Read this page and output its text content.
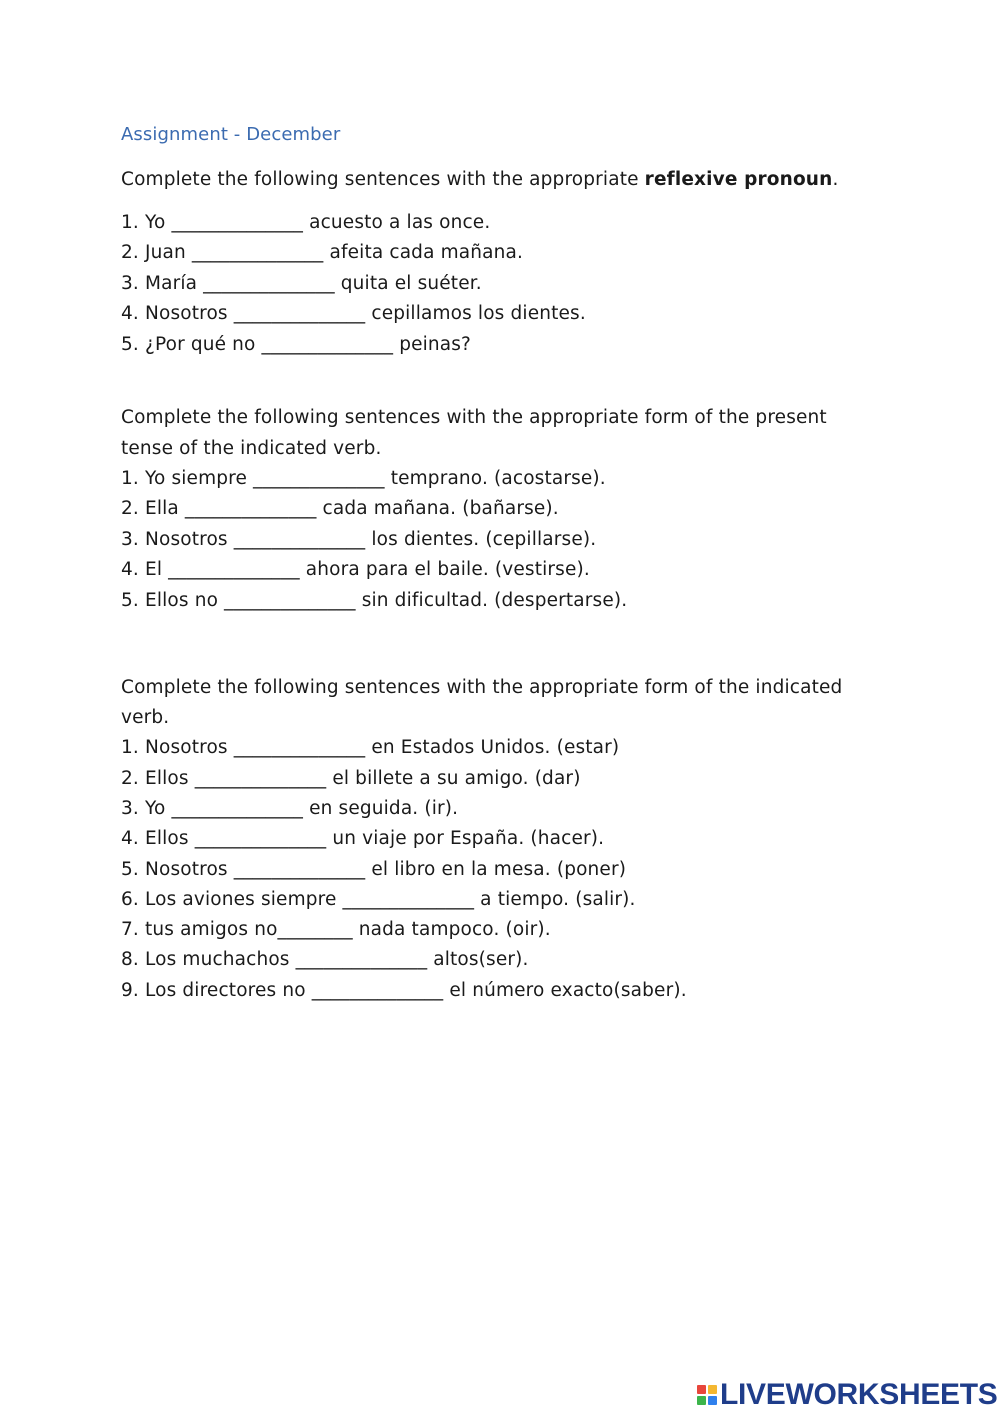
Assignment - December
Complete the following sentences with the appropriate reflexive pronoun.
1. Yo ______________ acuesto a las once.
2. Juan ______________ afeita cada mañana.
3. María ______________ quita el suéter.
4. Nosotros ______________ cepillamos los dientes.
5. ¿Por qué no ______________ peinas?
Complete the following sentences with the appropriate form of the present
tense of the indicated verb.
1. Yo siempre ______________ temprano. (acostarse).
2. Ella ______________ cada mañana. (bañarse).
3. Nosotros ______________ los dientes. (cepillarse).
4. El ______________ ahora para el baile. (vestirse).
5. Ellos no ______________ sin dificultad. (despertarse).
Complete the following sentences with the appropriate form of the indicated
verb.
1. Nosotros ______________ en Estados Unidos. (estar)
2. Ellos ______________ el billete a su amigo. (dar)
3. Yo ______________ en seguida. (ir).
4. Ellos ______________ un viaje por España. (hacer).
5. Nosotros ______________ el libro en la mesa. (poner)
6. Los aviones siempre ______________ a tiempo. (salir).
7. tus amigos no________ nada tampoco. (oir).
8. Los muchachos ______________ altos(ser).
9. Los directores no ______________ el número exacto(saber).
LIVEWORKSHEETS
